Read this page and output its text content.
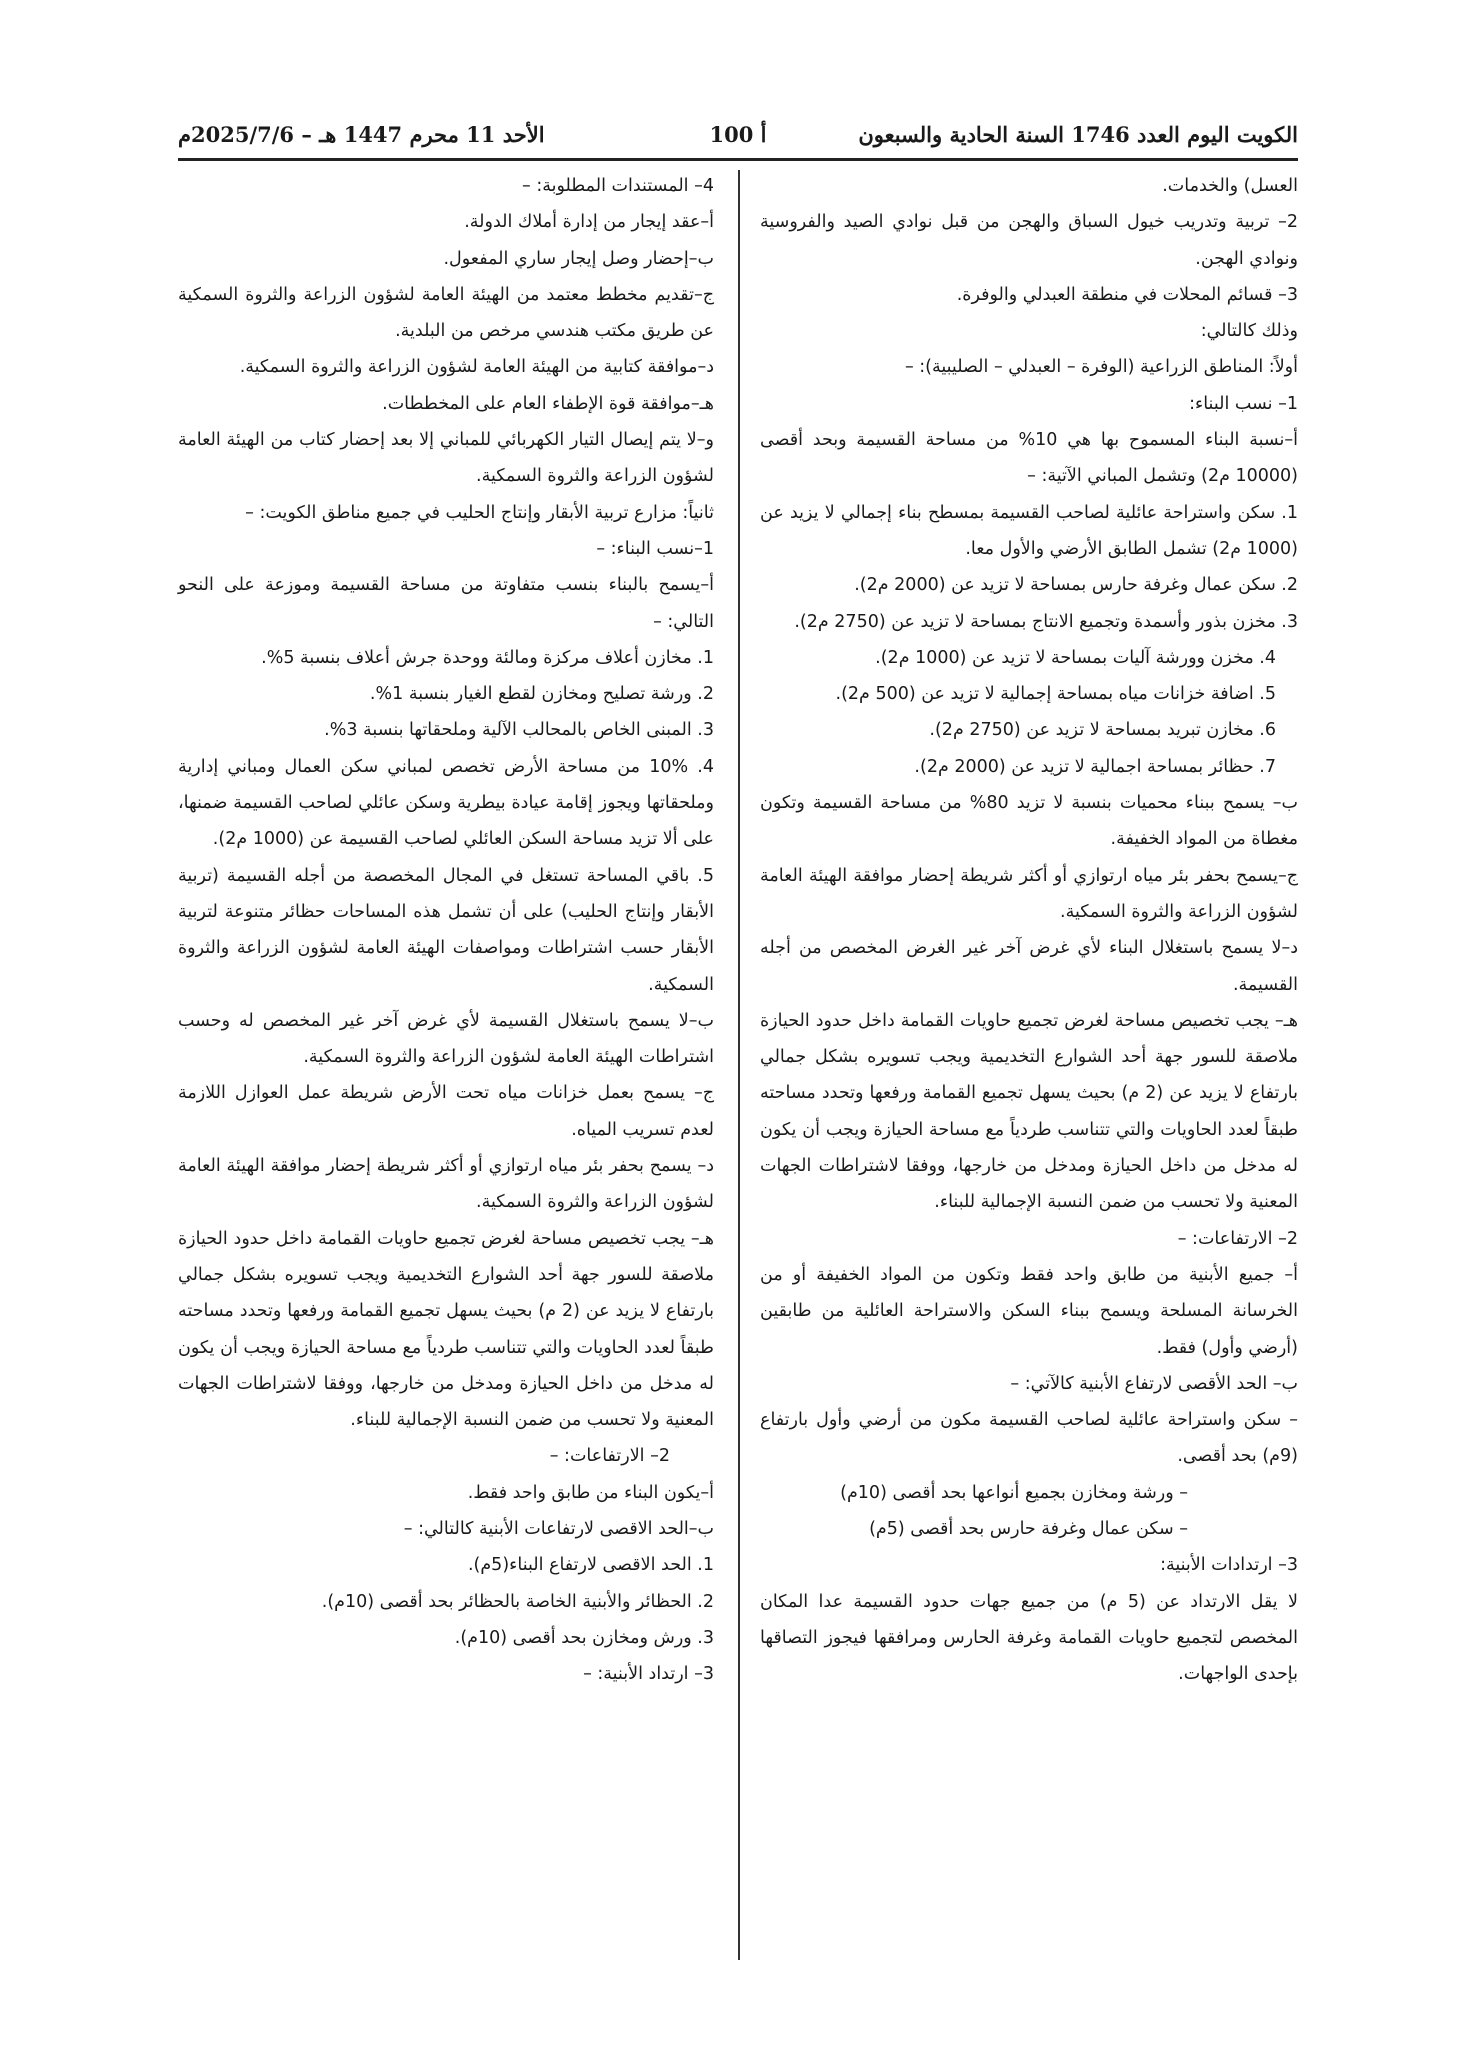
الكويت اليوم العدد 1746 السنة الحادية والسبعون
أ 100
الأحد 11 محرم 1447 هـ – 2025/7/6م

العسل) والخدمات.

2– تربية وتدريب خيول السباق والهجن من قبل نوادي الصيد والفروسية ونوادي الهجن.

3– قسائم المحلات في منطقة العبدلي والوفرة.

وذلك كالتالي:

أولاً: المناطق الزراعية (الوفرة – العبدلي – الصليبية): –

1– نسب البناء:

أ–نسبة البناء المسموح بها هي 10% من مساحة القسيمة وبحد أقصى (10000 م2) وتشمل المباني الآتية: –

1. سكن واستراحة عائلية لصاحب القسيمة بمسطح بناء إجمالي لا يزيد عن (1000 م2) تشمل الطابق الأرضي والأول معا.

2. سكن عمال وغرفة حارس بمساحة لا تزيد عن (2000 م2).

3. مخزن بذور وأسمدة وتجميع الانتاج بمساحة لا تزيد عن (2750 م2).

4. مخزن وورشة آليات بمساحة لا تزيد عن (1000 م2).

5. اضافة خزانات مياه بمساحة إجمالية لا تزيد عن (500 م2).

6. مخازن تبريد بمساحة لا تزيد عن (2750 م2).

7. حظائر بمساحة اجمالية لا تزيد عن (2000 م2).

ب– يسمح ببناء محميات بنسبة لا تزيد 80% من مساحة القسيمة وتكون مغطاة من المواد الخفيفة.

ج–يسمح بحفر بئر مياه ارتوازي أو أكثر شريطة إحضار موافقة الهيئة العامة لشؤون الزراعة والثروة السمكية.

د–لا يسمح باستغلال البناء لأي غرض آخر غير الغرض المخصص من أجله القسيمة.

هـ– يجب تخصيص مساحة لغرض تجميع حاويات القمامة داخل حدود الحيازة ملاصقة للسور جهة أحد الشوارع التخديمية ويجب تسويره بشكل جمالي بارتفاع لا يزيد عن (2 م) بحيث يسهل تجميع القمامة ورفعها وتحدد مساحته طبقاً لعدد الحاويات والتي تتناسب طردياً مع مساحة الحيازة ويجب أن يكون له مدخل من داخل الحيازة ومدخل من خارجها، ووفقا لاشتراطات الجهات المعنية ولا تحسب من ضمن النسبة الإجمالية للبناء.

2– الارتفاعات: –

أ– جميع الأبنية من طابق واحد فقط وتكون من المواد الخفيفة أو من الخرسانة المسلحة ويسمح ببناء السكن والاستراحة العائلية من طابقين (أرضي وأول) فقط.

ب– الحد الأقصى لارتفاع الأبنية كالآتي: –

– سكن واستراحة عائلية لصاحب القسيمة مكون من أرضي وأول بارتفاع (9م) بحد أقصى.

– ورشة ومخازن بجميع أنواعها بحد أقصى (10م)

– سكن عمال وغرفة حارس بحد أقصى (5م)

3– ارتدادات الأبنية:

لا يقل الارتداد عن (5 م) من جميع جهات حدود القسيمة عدا المكان المخصص لتجميع حاويات القمامة وغرفة الحارس ومرافقها فيجوز التصاقها بإحدى الواجهات.

4– المستندات المطلوبة: –

أ–عقد إيجار من إدارة أملاك الدولة.

ب–إحضار وصل إيجار ساري المفعول.

ج–تقديم مخطط معتمد من الهيئة العامة لشؤون الزراعة والثروة السمكية عن طريق مكتب هندسي مرخص من البلدية.

د–موافقة كتابية من الهيئة العامة لشؤون الزراعة والثروة السمكية.

هـ–موافقة قوة الإطفاء العام على المخططات.

و–لا يتم إيصال التيار الكهربائي للمباني إلا بعد إحضار كتاب من الهيئة العامة لشؤون الزراعة والثروة السمكية.

ثانياً: مزارع تربية الأبقار وإنتاج الحليب في جميع مناطق الكويت: –

1–نسب البناء: –

أ–يسمح بالبناء بنسب متفاوتة من مساحة القسيمة وموزعة على النحو التالي: –

1. مخازن أعلاف مركزة ومالئة ووحدة جرش أعلاف بنسبة 5%.

2. ورشة تصليح ومخازن لقطع الغيار بنسبة 1%.

3. المبنى الخاص بالمحالب الآلية وملحقاتها بنسبة 3%.

4. 10% من مساحة الأرض تخصص لمباني سكن العمال ومباني إدارية وملحقاتها ويجوز إقامة عيادة بيطرية وسكن عائلي لصاحب القسيمة ضمنها، على ألا تزيد مساحة السكن العائلي لصاحب القسيمة عن (1000 م2).

5. باقي المساحة تستغل في المجال المخصصة من أجله القسيمة (تربية الأبقار وإنتاج الحليب) على أن تشمل هذه المساحات حظائر متنوعة لتربية الأبقار حسب اشتراطات ومواصفات الهيئة العامة لشؤون الزراعة والثروة السمكية.

ب–لا يسمح باستغلال القسيمة لأي غرض آخر غير المخصص له وحسب اشتراطات الهيئة العامة لشؤون الزراعة والثروة السمكية.

ج– يسمح بعمل خزانات مياه تحت الأرض شريطة عمل العوازل اللازمة لعدم تسريب المياه.

د– يسمح بحفر بئر مياه ارتوازي أو أكثر شريطة إحضار موافقة الهيئة العامة لشؤون الزراعة والثروة السمكية.

هـ– يجب تخصيص مساحة لغرض تجميع حاويات القمامة داخل حدود الحيازة ملاصقة للسور جهة أحد الشوارع التخديمية ويجب تسويره بشكل جمالي بارتفاع لا يزيد عن (2 م) بحيث يسهل تجميع القمامة ورفعها وتحدد مساحته طبقاً لعدد الحاويات والتي تتناسب طردياً مع مساحة الحيازة ويجب أن يكون له مدخل من داخل الحيازة ومدخل من خارجها، ووفقا لاشتراطات الجهات المعنية ولا تحسب من ضمن النسبة الإجمالية للبناء.

2– الارتفاعات: –

أ–يكون البناء من طابق واحد فقط.

ب–الحد الاقصى لارتفاعات الأبنية كالتالي: –

1. الحد الاقصى لارتفاع البناء(5م).

2. الحظائر والأبنية الخاصة بالحظائر بحد أقصى (10م).

3. ورش ومخازن بحد أقصى (10م).

3– ارتداد الأبنية: –
